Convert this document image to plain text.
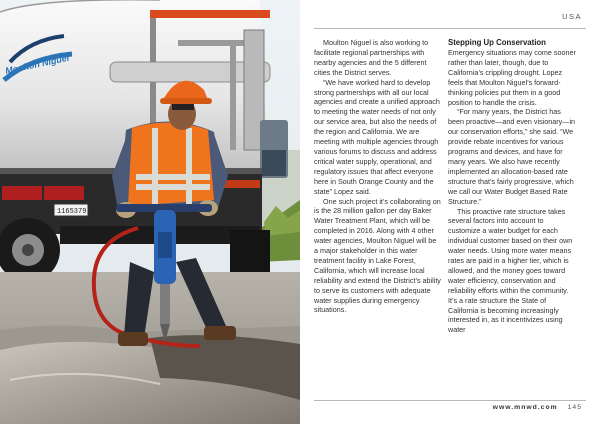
Moulton Niguel
1165379
USA

Moulton Niguel is also working to facilitate regional partnerships with nearby agencies and the 5 different cities the District serves.

“We have worked hard to develop strong partnerships with all our local agencies and create a unified approach to meeting the water needs of not only our service area, but also the needs of the region and California. We are meeting with multiple agencies through various forums to discuss and address critical water supply, operational, and regulatory issues that affect everyone here in South Orange County and the state” Lopez said.

One such project it’s collaborating on is the 28 million gallon per day Baker Water Treatment Plant, which will be completed in 2016. Along with 4 other water agencies, Moulton Niguel will be a major stakeholder in this water treatment facility in Lake Forest, California, which will increase local reliability and extend the District’s ability to serve its customers with adequate water supplies during emergency situations.

Stepping Up Conservation

Emergency situations may come sooner rather than later, though, due to California’s crippling drought. Lopez feels that Moulton Niguel’s forward-thinking policies put them in a good position to handle the crisis.

“For many years, the District has been proactive—and even visionary—in our conservation efforts,” she said. “We provide rebate incentives for various programs and devices, and have for many years. We also have recently implemented an allocation-based rate structure that’s fairly progressive, which we call our Water Budget Based Rate Structure.”

This proactive rate structure takes several factors into account to customize a water budget for each individual customer based on their own water needs. Using more water means rates are paid in a higher tier, which is allowed, and the money goes toward water efficiency, conservation and reliability efforts within the community. It’s a rate structure the State of California is becoming increasingly interested in, as it incentivizes using water

www.mnwd.com 145
